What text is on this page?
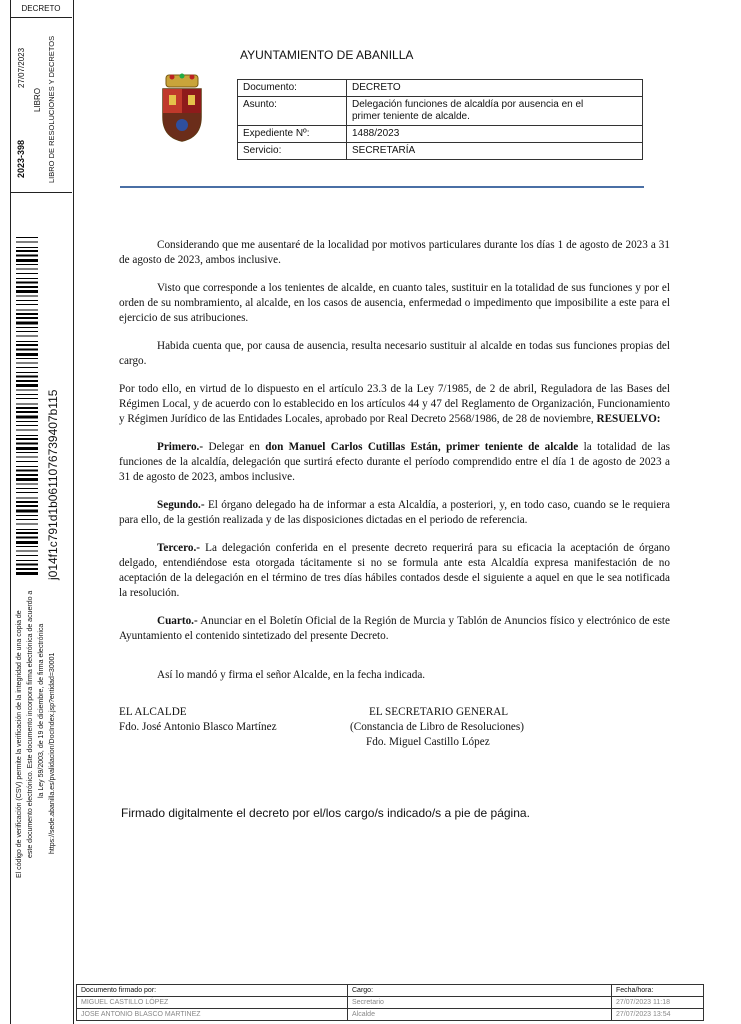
DECRETO
2023-398
27/07/2023
LIBRO LIBRO DE RESOLUCIONES Y DECRETOS
j014f1c791d1b0611076739407b115
El código de verificación (CSV) permite la verificación de la integridad de una copia de este documento electrónico. Este documento incorpora firma electrónica de acuerdo a la Ley 59/2003, de 19 de diciembre, de firma electrónica https://sede.abanilla.es/pvalidacion/DocIndex.jsp?entidad=30001
AYUNTAMIENTO DE ABANILLA
Documento:	DECRETO
Asunto:	Delegación funciones de alcaldía por ausencia en el primer teniente de alcalde.
Expediente Nº:	1488/2023
Servicio:	SECRETARÍA

Considerando que me ausentaré de la localidad por motivos particulares durante los días 1 de agosto de 2023 a 31 de agosto de 2023, ambos inclusive.

Visto que corresponde a los tenientes de alcalde, en cuanto tales, sustituir en la totalidad de sus funciones y por el orden de su nombramiento, al alcalde, en los casos de ausencia, enfermedad o impedimento que imposibilite a este para el ejercicio de sus atribuciones.

Habida cuenta que, por causa de ausencia, resulta necesario sustituir al alcalde en todas sus funciones propias del cargo.

Por todo ello, en virtud de lo dispuesto en el artículo 23.3 de la Ley 7/1985, de 2 de abril, Reguladora de las Bases del Régimen Local, y de acuerdo con lo establecido en los artículos 44 y 47 del Reglamento de Organización, Funcionamiento y Régimen Jurídico de las Entidades Locales, aprobado por Real Decreto 2568/1986, de 28 de noviembre, RESUELVO:

Primero.- Delegar en don Manuel Carlos Cutillas Están, primer teniente de alcalde la totalidad de las funciones de la alcaldía, delegación que surtirá efecto durante el período comprendido entre el día 1 de agosto de 2023 a 31 de agosto de 2023, ambos inclusive.

Segundo.- El órgano delegado ha de informar a esta Alcaldía, a posteriori, y, en todo caso, cuando se le requiera para ello, de la gestión realizada y de las disposiciones dictadas en el periodo de referencia.

Tercero.- La delegación conferida en el presente decreto requerirá para su eficacia la aceptación de órgano delgado, entendiéndose esta otorgada tácitamente si no se formula ante esta Alcaldía expresa manifestación de no aceptación de la delegación en el término de tres días hábiles contados desde el siguiente a aquel en que le sea notificada la resolución.

Cuarto.- Anunciar en el Boletín Oficial de la Región de Murcia y Tablón de Anuncios físico y electrónico de este Ayuntamiento el contenido sintetizado del presente Decreto.

Así lo mandó y firma el señor Alcalde, en la fecha indicada.

EL ALCALDE
Fdo. José Antonio Blasco Martínez
EL SECRETARIO GENERAL
(Constancia de Libro de Resoluciones)
Fdo. Miguel Castillo López
Firmado digitalmente el decreto por el/los cargo/s indicado/s a pie de página.
Documento firmado por:	Cargo:	Fecha/hora:
MIGUEL CASTILLO LÓPEZ	Secretario	27/07/2023 11:18
JOSE ANTONIO BLASCO MARTINEZ	Alcalde	27/07/2023 13:54
